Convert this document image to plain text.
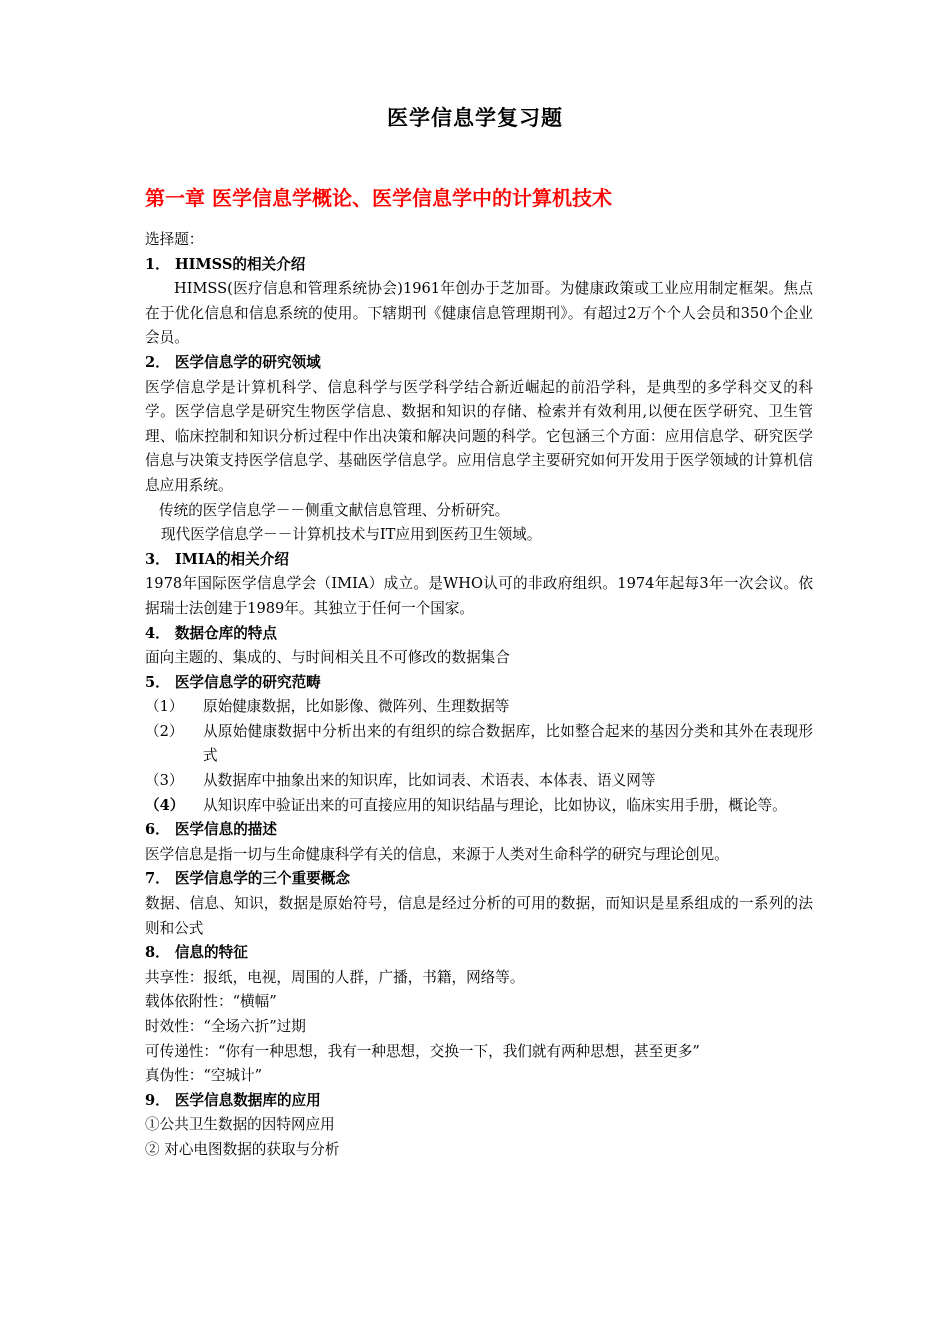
医学信息学复习题
第一章 医学信息学概论、医学信息学中的计算机技术

选择题：

1． HIMSS的相关介绍

HIMSS(医疗信息和管理系统协会)1961年创办于芝加哥。为健康政策或工业应用制定框架。焦点在于优化信息和信息系统的使用。下辖期刊《健康信息管理期刊》。有超过2万个个人会员和350个企业会员。

2． 医学信息学的研究领域

医学信息学是计算机科学、信息科学与医学科学结合新近崛起的前沿学科，是典型的多学科交叉的科学。医学信息学是研究生物医学信息、数据和知识的存储、检索并有效利用,以便在医学研究、卫生管理、临床控制和知识分析过程中作出决策和解决问题的科学。它包涵三个方面：应用信息学、研究医学信息与决策支持医学信息学、基础医学信息学。应用信息学主要研究如何开发用于医学领域的计算机信息应用系统。

传统的医学信息学－－侧重文献信息管理、分析研究。

现代医学信息学－－计算机技术与IT应用到医药卫生领域。

3． IMIA的相关介绍

1978年国际医学信息学会（IMIA）成立。是WHO认可的非政府组织。1974年起每3年一次会议。依据瑞士法创建于1989年。其独立于任何一个国家。

4． 数据仓库的特点

面向主题的、集成的、与时间相关且不可修改的数据集合

5． 医学信息学的研究范畴

（1）	原始健康数据，比如影像、微阵列、生理数据等
（2）	从原始健康数据中分析出来的有组织的综合数据库，比如整合起来的基因分类和其外在表现形式
（3）	从数据库中抽象出来的知识库，比如词表、术语表、本体表、语义网等
（4）	从知识库中验证出来的可直接应用的知识结晶与理论，比如协议，临床实用手册，概论等。

6． 医学信息的描述

医学信息是指一切与生命健康科学有关的信息，来源于人类对生命科学的研究与理论创见。

7． 医学信息学的三个重要概念

数据、信息、知识，数据是原始符号，信息是经过分析的可用的数据，而知识是星系组成的一系列的法则和公式

8． 信息的特征

共享性：报纸，电视，周围的人群，广播，书籍，网络等。

载体依附性：“横幅”

时效性：“全场六折”过期

可传递性：“你有一种思想，我有一种思想，交换一下，我们就有两种思想，甚至更多”

真伪性：“空城计”

9． 医学信息数据库的应用

①公共卫生数据的因特网应用

② 对心电图数据的获取与分析
